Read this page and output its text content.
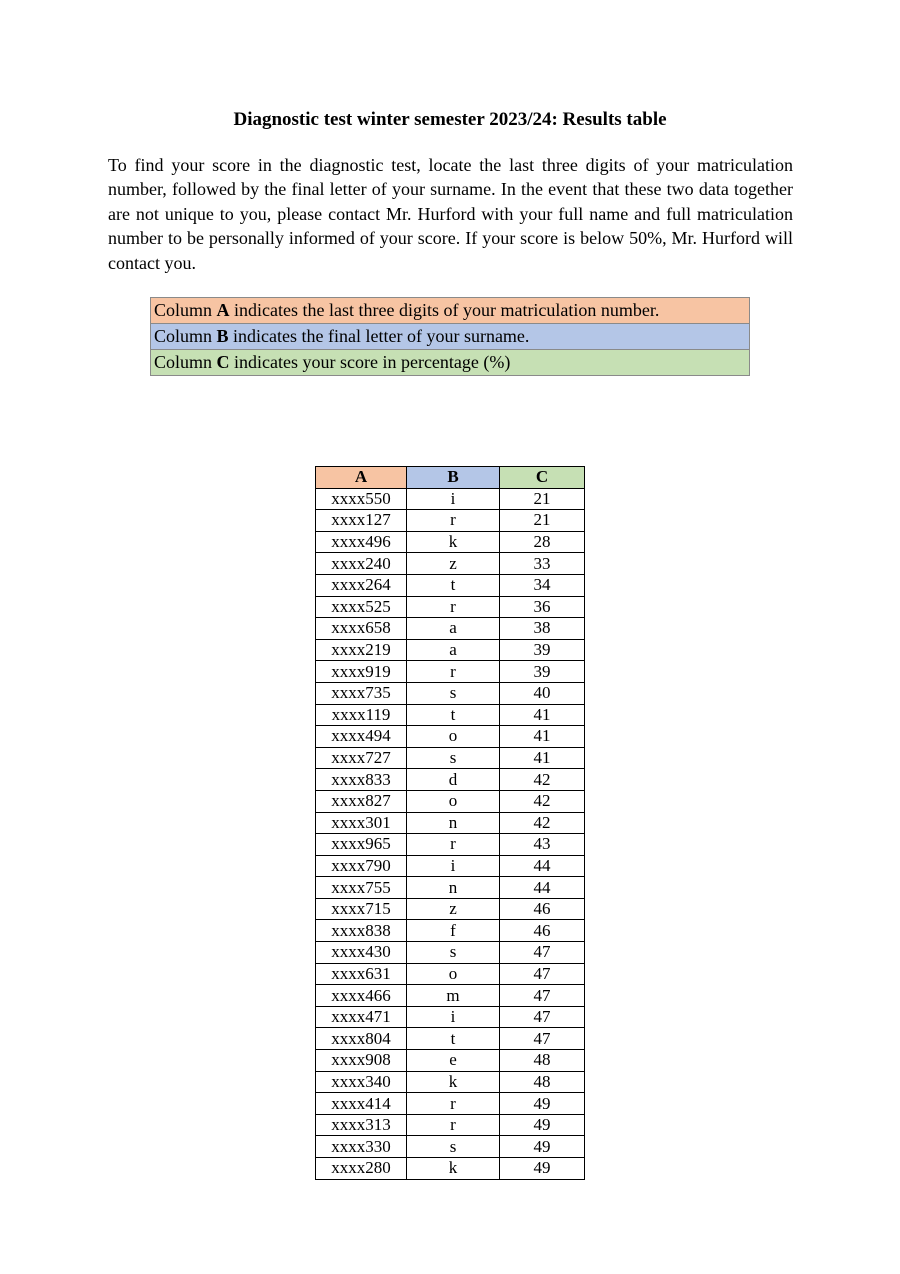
Diagnostic test winter semester 2023/24: Results table

To find your score in the diagnostic test, locate the last three digits of your matriculation number, followed by the final letter of your surname. In the event that these two data together are not unique to you, please contact Mr. Hurford with your full name and full matriculation number to be personally informed of your score. If your score is below 50%, Mr. Hurford will contact you.

Column A indicates the last three digits of your matriculation number.
Column B indicates the final letter of your surname.
Column C indicates your score in percentage (%)
A	B	C
xxxx550	i	21
xxxx127	r	21
xxxx496	k	28
xxxx240	z	33
xxxx264	t	34
xxxx525	r	36
xxxx658	a	38
xxxx219	a	39
xxxx919	r	39
xxxx735	s	40
xxxx119	t	41
xxxx494	o	41
xxxx727	s	41
xxxx833	d	42
xxxx827	o	42
xxxx301	n	42
xxxx965	r	43
xxxx790	i	44
xxxx755	n	44
xxxx715	z	46
xxxx838	f	46
xxxx430	s	47
xxxx631	o	47
xxxx466	m	47
xxxx471	i	47
xxxx804	t	47
xxxx908	e	48
xxxx340	k	48
xxxx414	r	49
xxxx313	r	49
xxxx330	s	49
xxxx280	k	49
